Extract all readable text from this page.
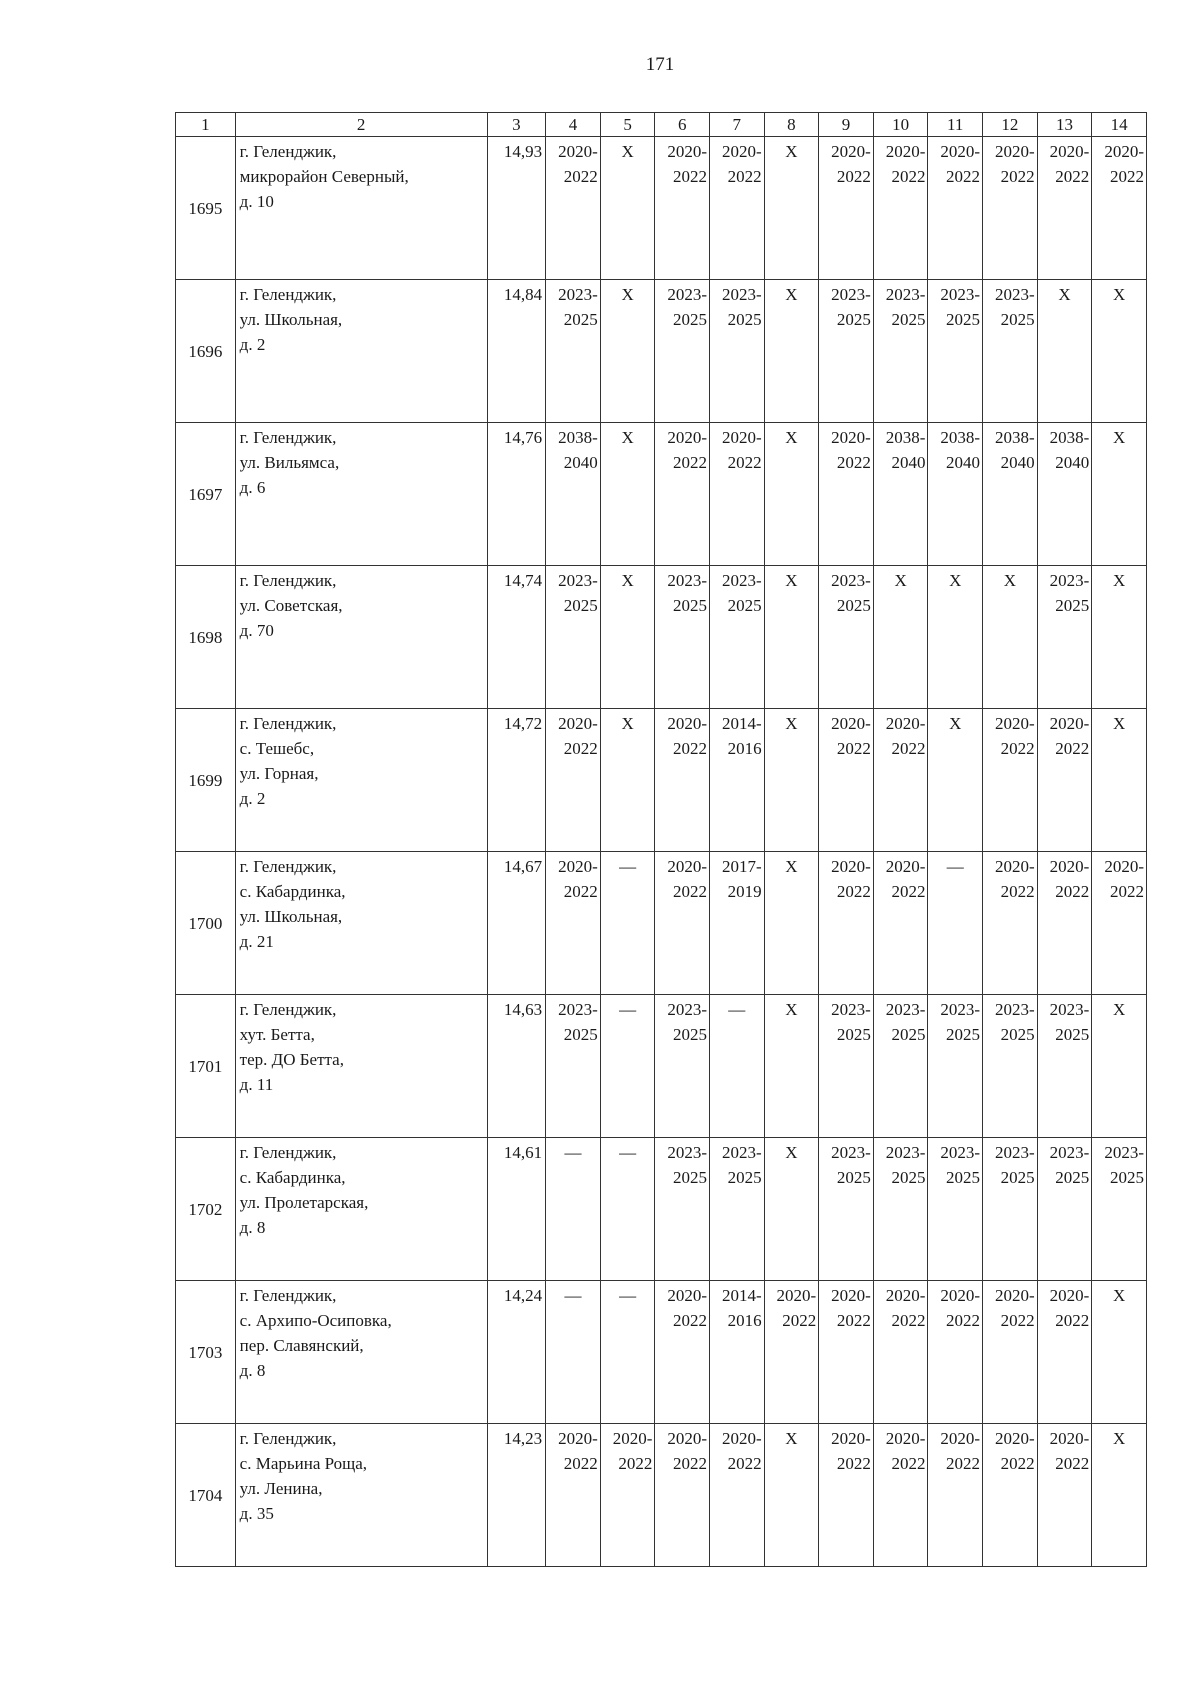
171
1	2	3	4	5	6	7	8	9	10	11	12	13	14
1695	г. Геленджик,
микрорайон Северный,
д. 10	14,93	2020-
2022	X	2020-
2022	2020-
2022	X	2020-
2022	2020-
2022	2020-
2022	2020-
2022	2020-
2022	2020-
2022

1696	г. Геленджик,
ул. Школьная,
д. 2	14,84	2023-
2025	X	2023-
2025	2023-
2025	X	2023-
2025	2023-
2025	2023-
2025	2023-
2025	X	X

1697	г. Геленджик,
ул. Вильямса,
д. 6	14,76	2038-
2040	X	2020-
2022	2020-
2022	X	2020-
2022	2038-
2040	2038-
2040	2038-
2040	2038-
2040	X

1698	г. Геленджик,
ул. Советская,
д. 70	14,74	2023-
2025	X	2023-
2025	2023-
2025	X	2023-
2025	X	X	X	2023-
2025	X

1699	г. Геленджик,
с. Тешебс,
ул. Горная,
д. 2	14,72	2020-
2022	X	2020-
2022	2014-
2016	X	2020-
2022	2020-
2022	X	2020-
2022	2020-
2022	X

1700	г. Геленджик,
с. Кабардинка,
ул. Школьная,
д. 21	14,67	2020-
2022	—	2020-
2022	2017-
2019	X	2020-
2022	2020-
2022	—	2020-
2022	2020-
2022	2020-
2022

1701	г. Геленджик,
хут. Бетта,
тер. ДО Бетта,
д. 11	14,63	2023-
2025	—	2023-
2025	—	X	2023-
2025	2023-
2025	2023-
2025	2023-
2025	2023-
2025	X

1702	г. Геленджик,
с. Кабардинка,
ул. Пролетарская,
д. 8	14,61	—	—	2023-
2025	2023-
2025	X	2023-
2025	2023-
2025	2023-
2025	2023-
2025	2023-
2025	2023-
2025

1703	г. Геленджик,
с. Архипо-Осиповка,
пер. Славянский,
д. 8	14,24	—	—	2020-
2022	2014-
2016	2020-
2022	2020-
2022	2020-
2022	2020-
2022	2020-
2022	2020-
2022	X

1704	г. Геленджик,
с. Марьина Роща,
ул. Ленина,
д. 35	14,23	2020-
2022	2020-
2022	2020-
2022	2020-
2022	X	2020-
2022	2020-
2022	2020-
2022	2020-
2022	2020-
2022	X
